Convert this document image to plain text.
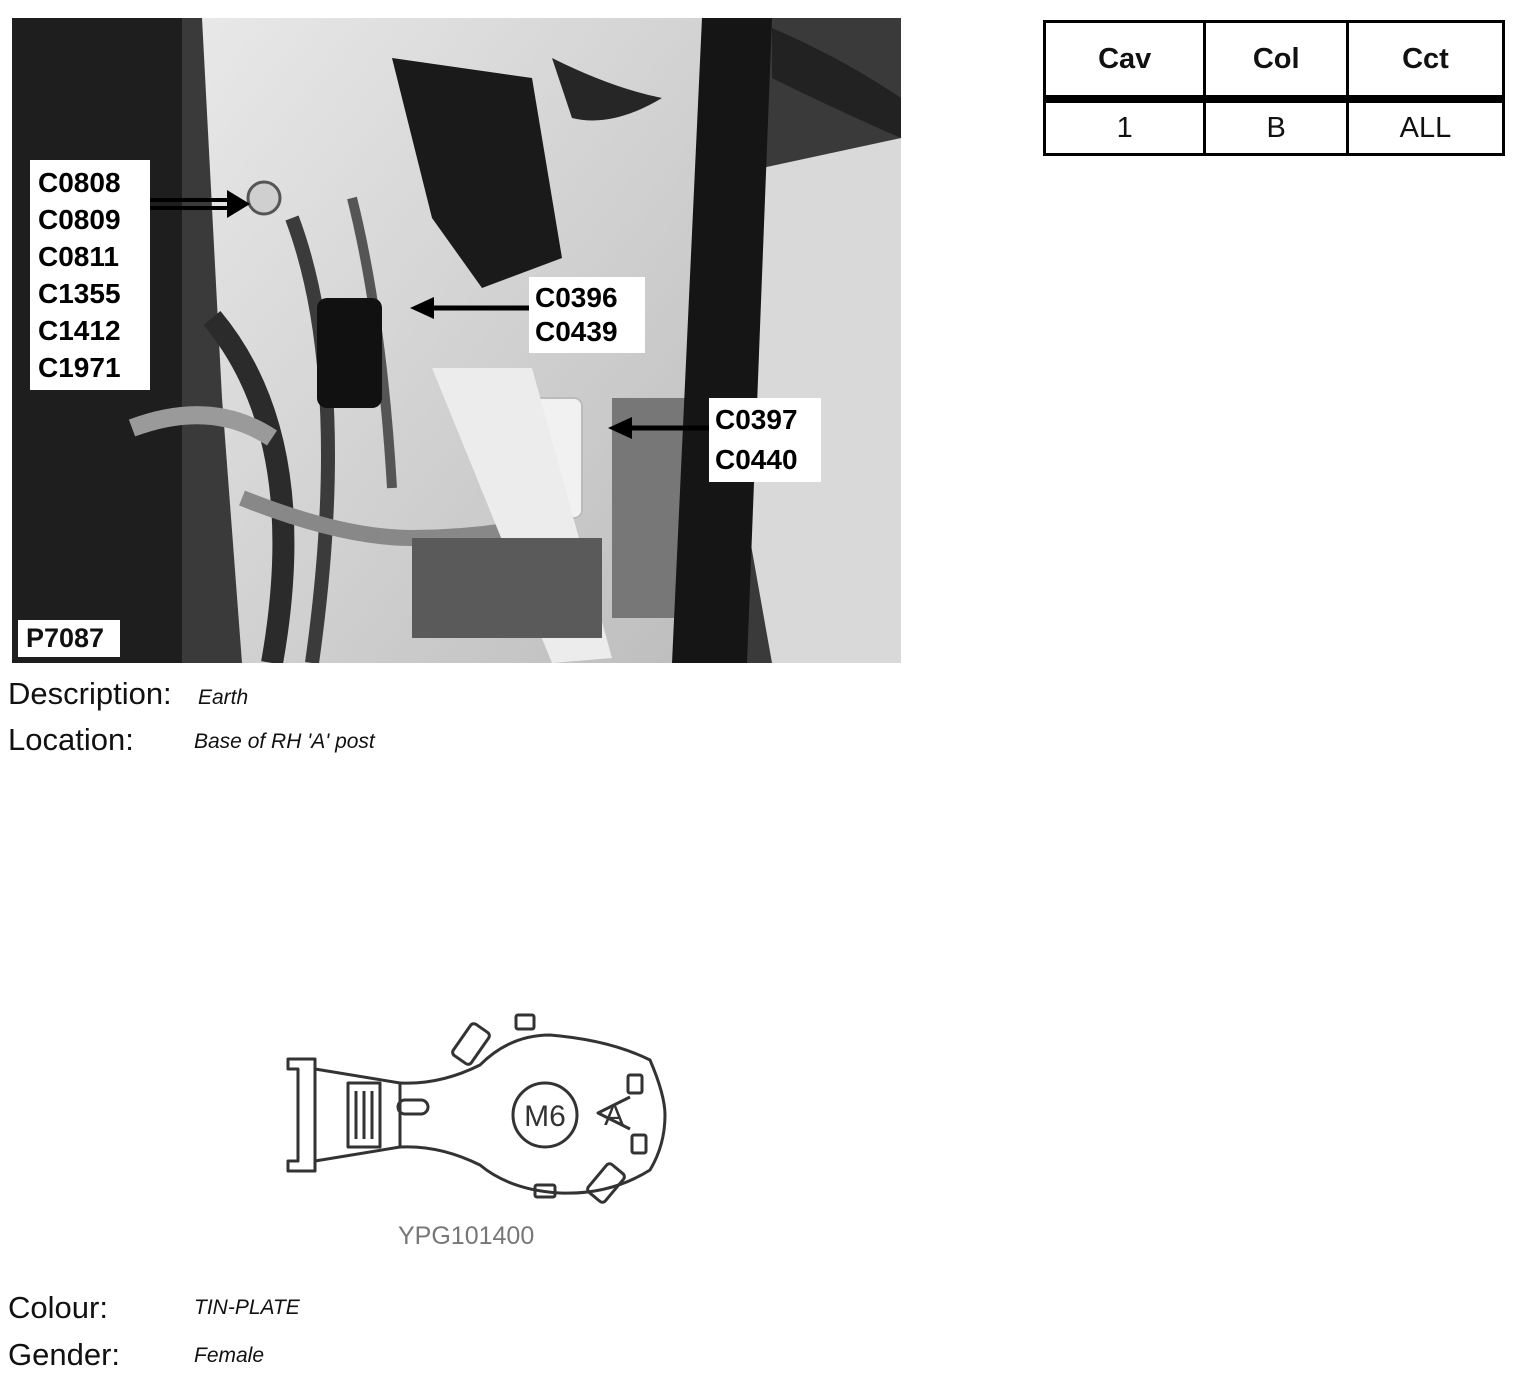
C0808
C0809
C0811
C1355
C1412
C1971
C0396
C0439
C0397
C0440
P7087
Cav	Col	Cct
1	B	ALL
Description: Earth
Location:	Base of RH 'A' post
M6 A
YPG101400
Colour:	TIN-PLATE
Gender:	Female
